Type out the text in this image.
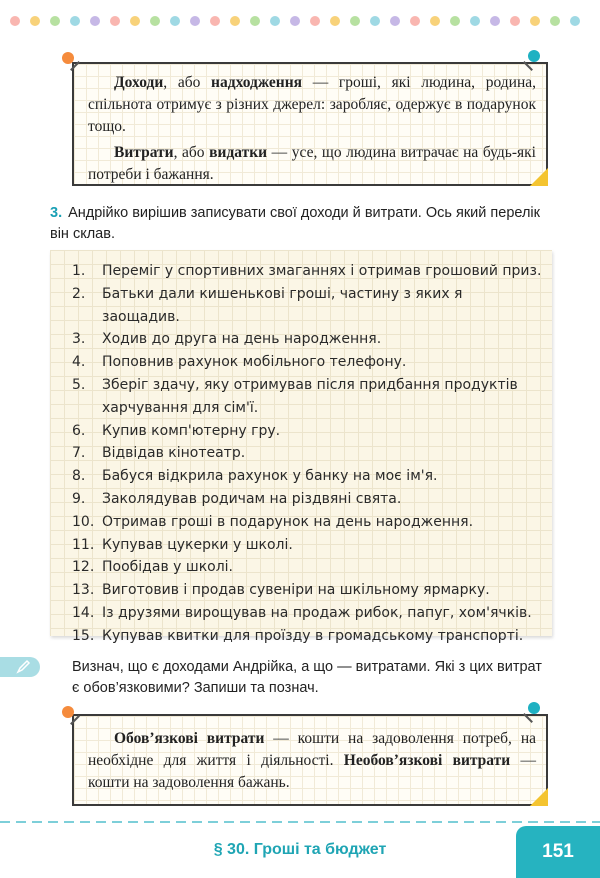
Доходи, або надходження — гроші, які людина, родина, спільнота отримує з різних джерел: заробляє, одержує в подарунок тощо.

Витрати, або видатки — усе, що людина витрачає на будь-які потреби і бажання.

3. Андрійко вирішив записувати свої доходи й витрати. Ось який перелік він склав.
1.	Переміг у спортивних змаганнях і отримав грошовий приз.
2.	Батьки дали кишенькові гроші, частину з яких я заощадив.
3.	Ходив до друга на день народження.
4.	Поповнив рахунок мобільного телефону.
5.	Зберіг здачу, яку отримував після придбання продуктів
харчування для сім'ї.
6.	Купив комп'ютерну гру.
7.	Відвідав кінотеатр.
8.	Бабуся відкрила рахунок у банку на моє ім'я.
9.	Заколядував родичам на різдвяні свята.
10. Отримав гроші в подарунок на день народження.
11. Купував цукерки у школі.
12. Пообідав у школі.
13. Виготовив і продав сувеніри на шкільному ярмарку.
14. Із друзями вирощував на продаж рибок, папуг, хом'ячків.
15. Купував квитки для проїзду в громадському транспорті.
Визнач, що є доходами Андрійка, а що — витратами. Які з цих витрат є обов’язковими? Запиши та познач.

Обов’язкові витрати — кошти на задоволення потреб, на необхідне для життя і діяльності. Необов’язкові витрати — кошти на задоволення бажань.

§ 30. Гроші та бюджет	151
